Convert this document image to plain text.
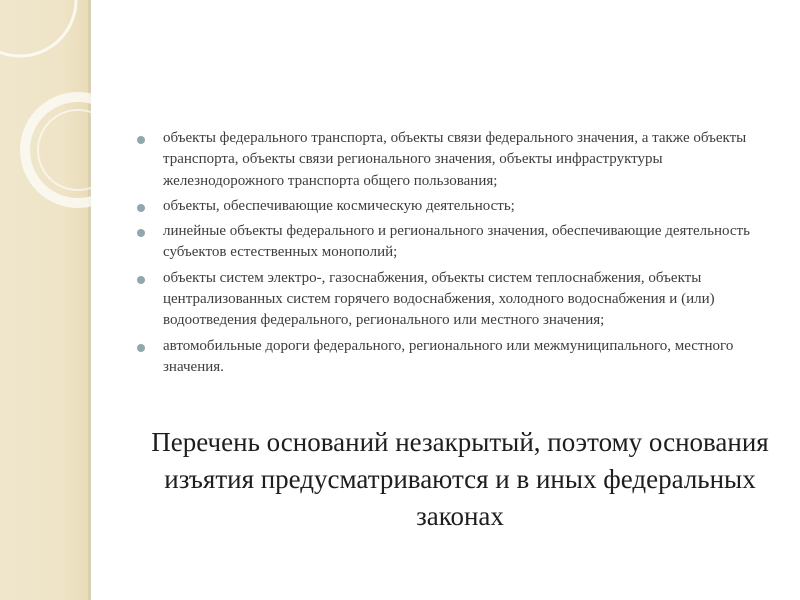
объекты федерального транспорта, объекты связи федерального значения, а также объекты транспорта, объекты связи регионального значения, объекты инфраструктуры железнодорожного транспорта общего пользования;
объекты, обеспечивающие космическую деятельность;
линейные объекты федерального и регионального значения, обеспечивающие деятельность субъектов естественных монополий;
объекты систем электро-, газоснабжения, объекты систем теплоснабжения, объекты централизованных систем горячего водоснабжения, холодного водоснабжения и (или) водоотведения федерального, регионального или местного значения;
автомобильные дороги федерального, регионального или межмуниципального, местного значения.
Перечень оснований незакрытый, поэтому основания изъятия предусматриваются и в иных федеральных законах
